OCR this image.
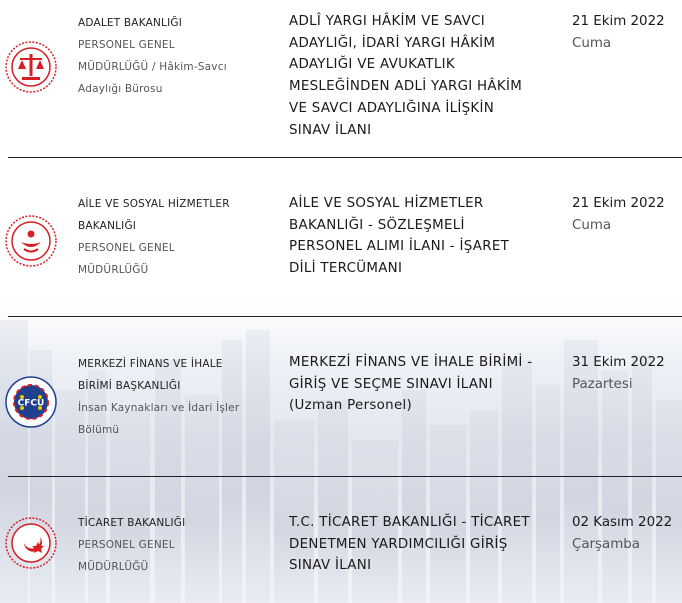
ADALET BAKANLIĞI
PERSONEL GENEL
MÜDÜRLÜĞÜ / Hâkim-Savcı
Adaylığı Bürosu
ADLÎ YARGI HÂKİM VE SAVCI
ADAYLIĞI, İDARİ YARGI HÂKİM
ADAYLIĞI VE AVUKATLIK
MESLEĞİNDEN ADLİ YARGI HÂKİM
VE SAVCI ADAYLIĞINA İLİŞKİN
SINAV İLANI
21 Ekim 2022
Cuma
AİLE VE SOSYAL HİZMETLER
BAKANLIĞI
PERSONEL GENEL
MÜDÜRLÜĞÜ
AİLE VE SOSYAL HİZMETLER
BAKANLIĞI - SÖZLEŞMELİ
PERSONEL ALIMI İLANI - İŞARET
DİLİ TERCÜMANI
21 Ekim 2022
Cuma
CFCU
MERKEZİ FİNANS VE İHALE
BİRİMİ BAŞKANLIĞI
İnsan Kaynakları ve İdari İşler
Bölümü
MERKEZİ FİNANS VE İHALE BİRİMİ -
GİRİŞ VE SEÇME SINAVI İLANI
(Uzman Personel)
31 Ekim 2022
Pazartesi
TİCARET BAKANLIĞI
PERSONEL GENEL
MÜDÜRLÜĞÜ
T.C. TİCARET BAKANLIĞI - TİCARET
DENETMEN YARDIMCILIĞI GİRİŞ
SINAV İLANI
02 Kasım 2022
Çarşamba
